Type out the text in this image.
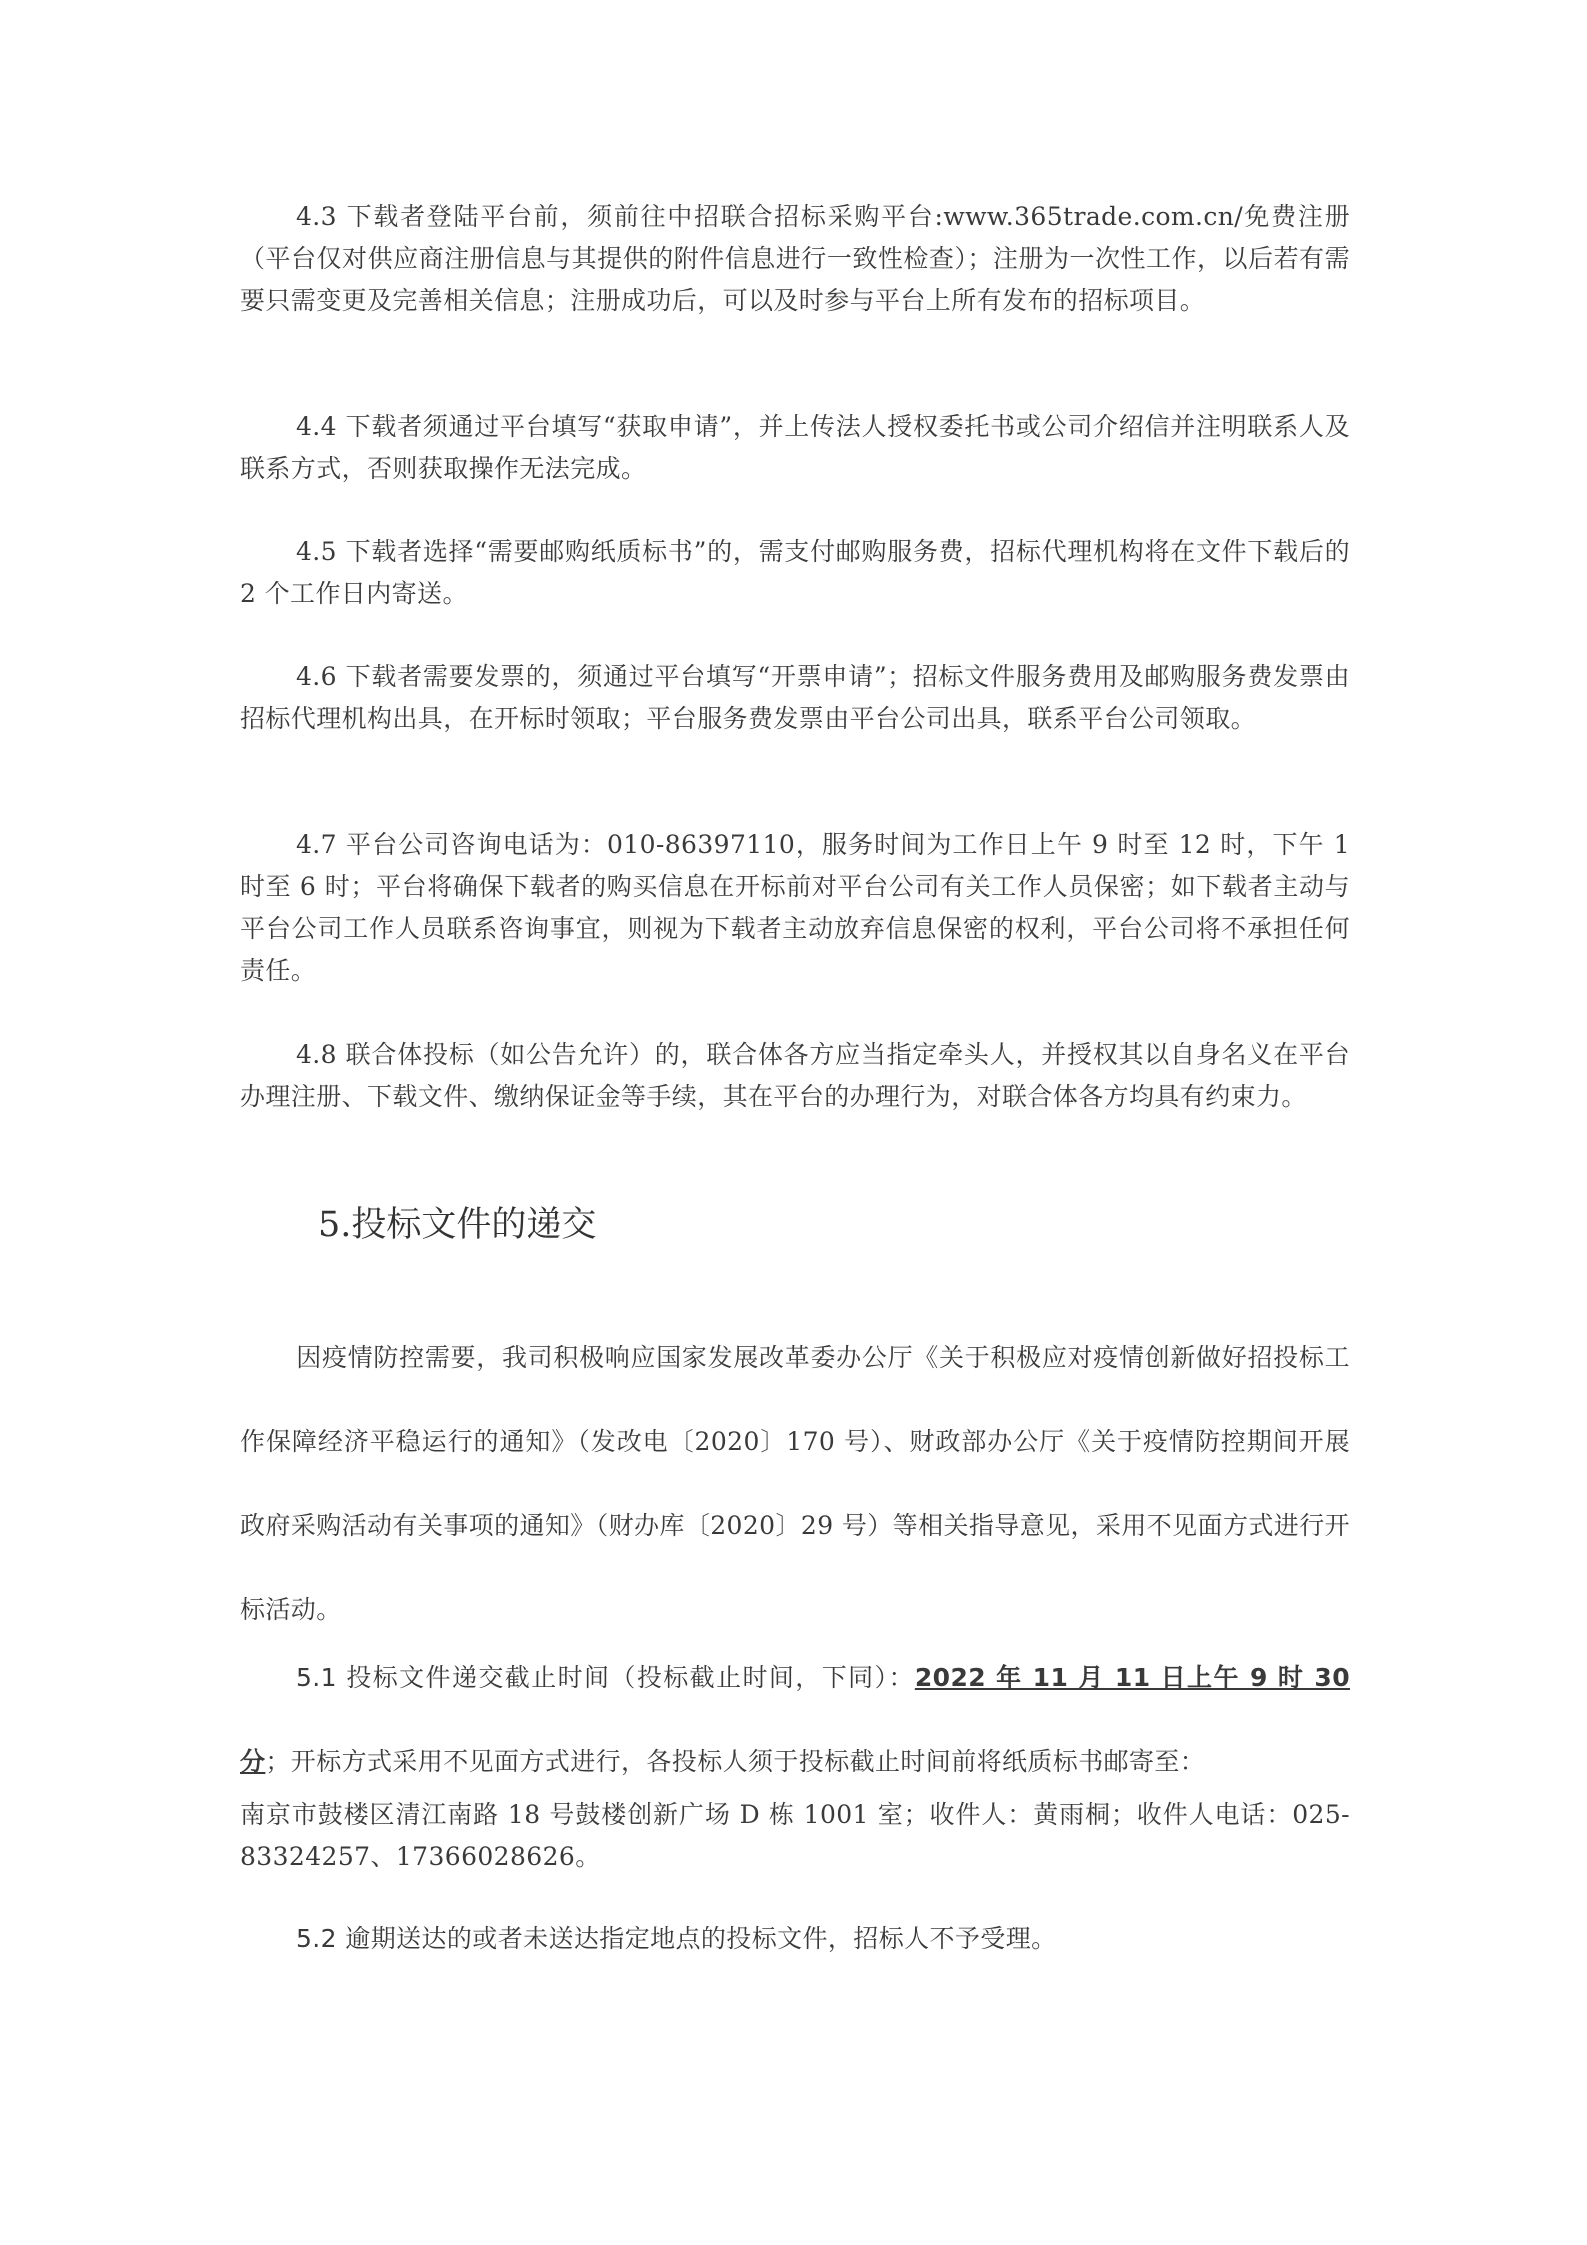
4.3 下载者登陆平台前，须前往中招联合招标采购平台:www.365trade.com.cn/免费注册（平台仅对供应商注册信息与其提供的附件信息进行一致性检查）；注册为一次性工作，以后若有需要只需变更及完善相关信息；注册成功后，可以及时参与平台上所有发布的招标项目。

4.4 下载者须通过平台填写“获取申请”，并上传法人授权委托书或公司介绍信并注明联系人及联系方式，否则获取操作无法完成。

4.5 下载者选择“需要邮购纸质标书”的，需支付邮购服务费，招标代理机构将在文件下载后的 2 个工作日内寄送。

4.6 下载者需要发票的，须通过平台填写“开票申请”；招标文件服务费用及邮购服务费发票由招标代理机构出具，在开标时领取；平台服务费发票由平台公司出具，联系平台公司领取。

4.7 平台公司咨询电话为：010-86397110，服务时间为工作日上午 9 时至 12 时，下午 1 时至 6 时；平台将确保下载者的购买信息在开标前对平台公司有关工作人员保密；如下载者主动与平台公司工作人员联系咨询事宜，则视为下载者主动放弃信息保密的权利，平台公司将不承担任何责任。

4.8 联合体投标（如公告允许）的，联合体各方应当指定牵头人，并授权其以自身名义在平台办理注册、下载文件、缴纳保证金等手续，其在平台的办理行为，对联合体各方均具有约束力。

5.投标文件的递交

因疫情防控需要，我司积极响应国家发展改革委办公厅《关于积极应对疫情创新做好招投标工作保障经济平稳运行的通知》（发改电〔2020〕170 号）、财政部办公厅《关于疫情防控期间开展政府采购活动有关事项的通知》（财办库〔2020〕29 号）等相关指导意见，采用不见面方式进行开标活动。

5.1 投标文件递交截止时间（投标截止时间，下同）：2022 年 11 月 11 日上午 9 时 30 分；开标方式采用不见面方式进行，各投标人须于投标截止时间前将纸质标书邮寄至：

南京市鼓楼区清江南路 18 号鼓楼创新广场 D 栋 1001 室；收件人：黄雨桐；收件人电话：025-83324257、17366028626。

5.2 逾期送达的或者未送达指定地点的投标文件，招标人不予受理。
